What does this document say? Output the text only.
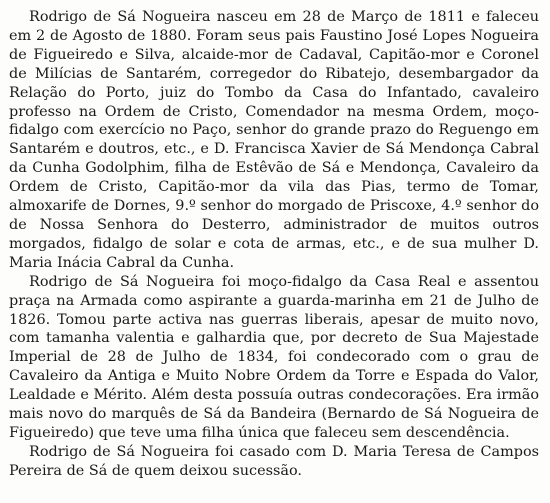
Rodrigo de Sá Nogueira nasceu em 28 de Março de 1811 e faleceu em 2 de Agosto de 1880. Foram seus pais Faustino José Lopes Nogueira de Figueiredo e Silva, alcaide-mor de Cadaval, Capitão-mor e Coronel de Milícias de Santarém, corregedor do Ribatejo, desembargador da Relação do Porto, juiz do Tombo da Casa do Infantado, cavaleiro professo na Ordem de Cristo, Comendador na mesma Ordem, moço-fidalgo com exercício no Paço, senhor do grande prazo do Reguengo em Santarém e doutros, etc., e D. Francisca Xavier de Sá Mendonça Cabral da Cunha Godolphim, filha de Estêvão de Sá e Mendonça, Cavaleiro da Ordem de Cristo, Capitão-mor da vila das Pias, termo de Tomar, almoxarife de Dornes, 9.º senhor do morgado de Priscoxe, 4.º senhor do de Nossa Senhora do Desterro, administrador de muitos outros morgados, fidalgo de solar e cota de armas, etc., e de sua mulher D. Maria Inácia Cabral da Cunha.

Rodrigo de Sá Nogueira foi moço-fidalgo da Casa Real e assentou praça na Armada como aspirante a guarda-marinha em 21 de Julho de 1826. Tomou parte activa nas guerras liberais, apesar de muito novo, com tamanha valentia e galhardia que, por decreto de Sua Majestade Imperial de 28 de Julho de 1834, foi condecorado com o grau de Cavaleiro da Antiga e Muito Nobre Ordem da Torre e Espada do Valor, Lealdade e Mérito. Além desta possuía outras condecorações. Era irmão mais novo do marquês de Sá da Bandeira (Bernardo de Sá Nogueira de Figueiredo) que teve uma filha única que faleceu sem descendência.

Rodrigo de Sá Nogueira foi casado com D. Maria Teresa de Campos Pereira de Sá de quem deixou sucessão.
